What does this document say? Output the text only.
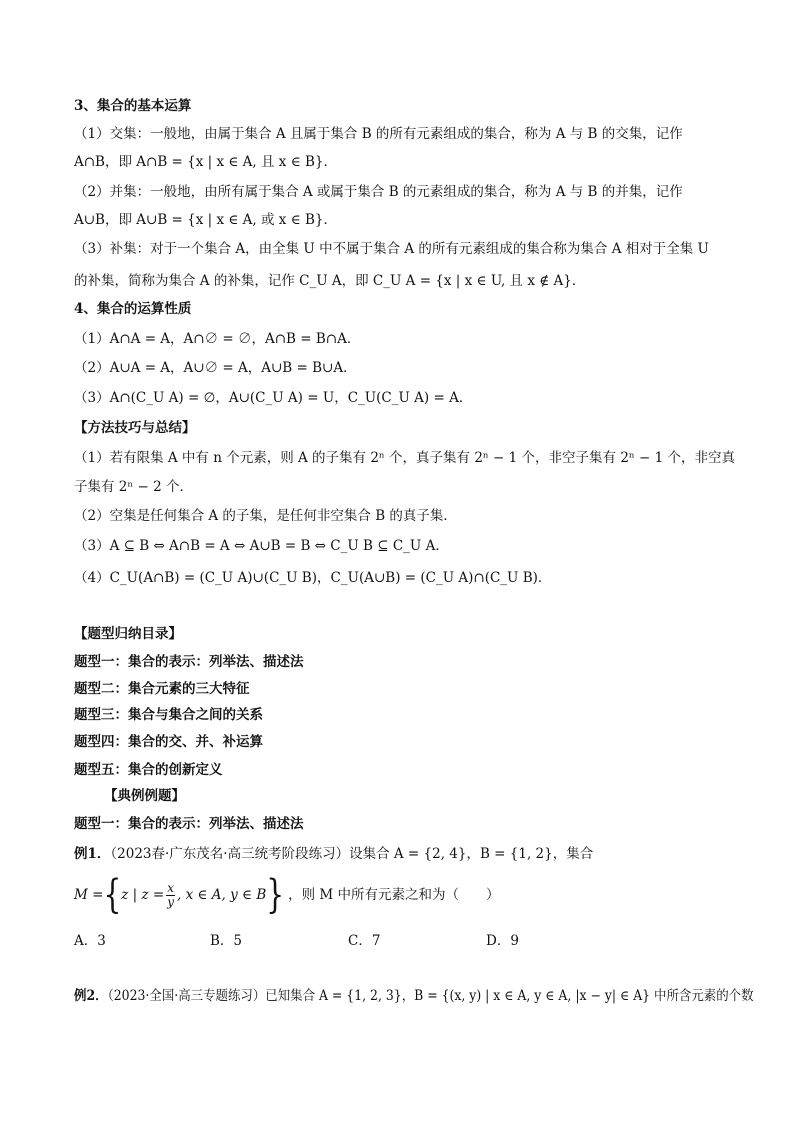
3、集合的基本运算
（1）交集：一般地，由属于集合 A 且属于集合 B 的所有元素组成的集合，称为 A 与 B 的交集，记作
A∩B，即 A∩B = {x | x ∈ A, 且 x ∈ B}．
（2）并集：一般地，由所有属于集合 A 或属于集合 B 的元素组成的集合，称为 A 与 B 的并集，记作
A∪B，即 A∪B = {x | x ∈ A, 或 x ∈ B}．
（3）补集：对于一个集合 A，由全集 U 中不属于集合 A 的所有元素组成的集合称为集合 A 相对于全集 U
的补集，简称为集合 A 的补集，记作 C_U A，即 C_U A = {x | x ∈ U, 且 x ∉ A}．
4、集合的运算性质
（1）A∩A = A，A∩∅ = ∅，A∩B = B∩A．
（2）A∪A = A，A∪∅ = A，A∪B = B∪A．
（3）A∩(C_U A) = ∅，A∪(C_U A) = U，C_U(C_U A) = A．
【方法技巧与总结】
（1）若有限集 A 中有 n 个元素，则 A 的子集有 2ⁿ 个，真子集有 2ⁿ − 1 个，非空子集有 2ⁿ − 1 个，非空真
子集有 2ⁿ − 2 个．
（2）空集是任何集合 A 的子集，是任何非空集合 B 的真子集．
（3）A ⊆ B ⇔ A∩B = A ⇔ A∪B = B ⇔ C_U B ⊆ C_U A．
（4）C_U(A∩B) = (C_U A)∪(C_U B)，C_U(A∪B) = (C_U A)∩(C_U B)．
【题型归纳目录】
题型一：集合的表示：列举法、描述法
题型二：集合元素的三大特征
题型三：集合与集合之间的关系
题型四：集合的交、并、补运算
题型五：集合的创新定义
【典例例题】
题型一：集合的表示：列举法、描述法
例1．（2023春·广东茂名·高三统考阶段练习）设集合 A = {2, 4}，B = {1, 2}，集合
M = { z | $z = \frac{x}{y}$ , x ∈ A, y ∈ B } ，则 M 中所有元素之和为（　　）
A．3	B．5	C．7	D．9
例2．（2023·全国·高三专题练习）已知集合 A = {1, 2, 3}，B = {(x, y) | x ∈ A, y ∈ A, |x − y| ∈ A} 中所含元素的个数
